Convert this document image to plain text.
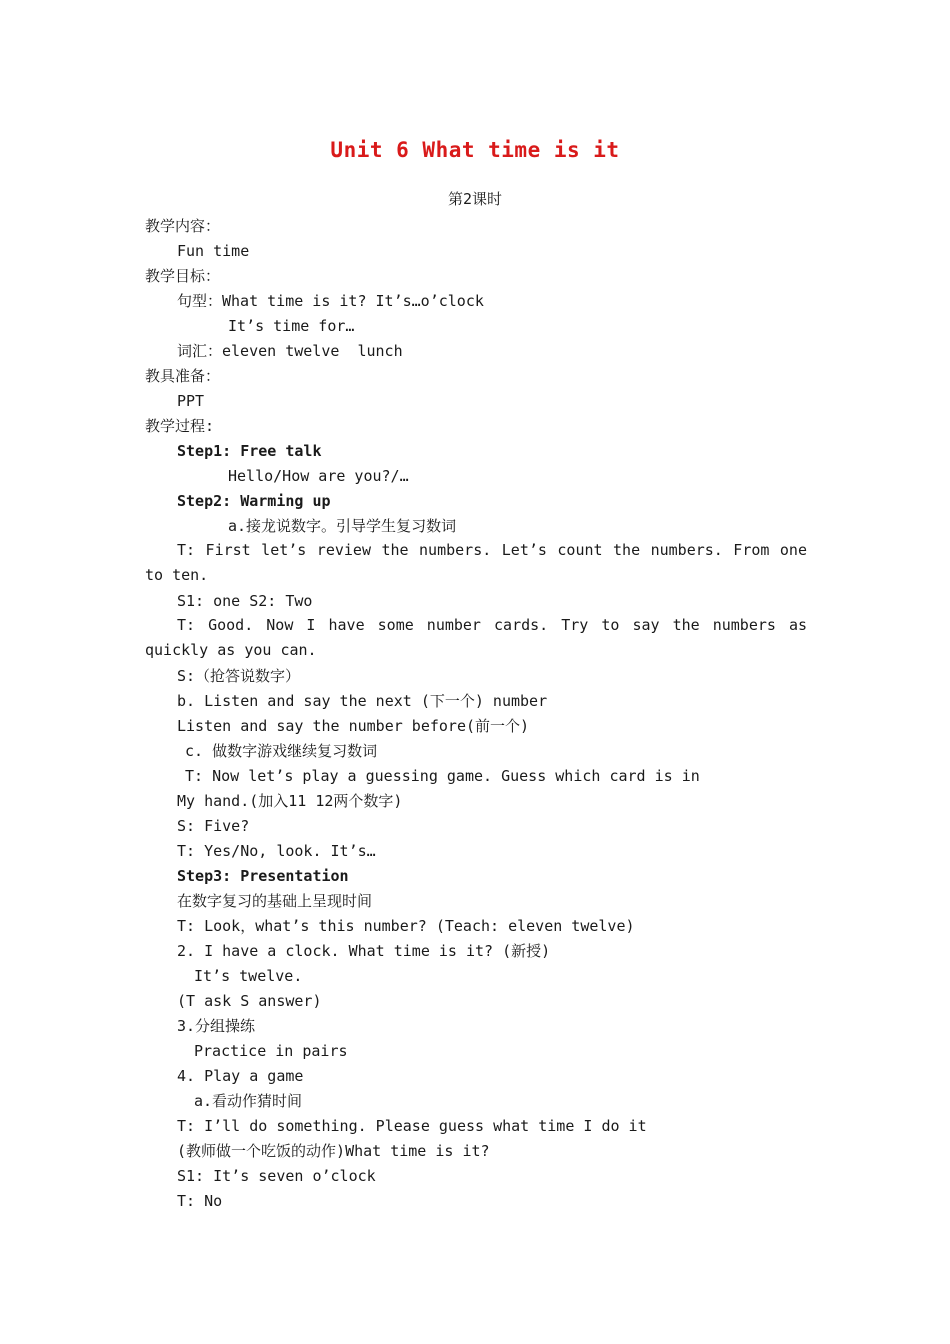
Unit 6 What time is it
第2课时
教学内容：
Fun time
教学目标：
句型：What time is it? It’s…o’clock
It’s time for…
词汇：eleven twelve  lunch
教具准备：
PPT
教学过程:
Step1: Free talk
Hello/How are you?/…
Step2: Warming up
a.接龙说数字。引导学生复习数词
T: First let’s review the numbers. Let’s count the numbers. From one to ten.
S1: one S2: Two
T: Good. Now I have some number cards. Try to say the numbers as quickly as you can.
S:（抢答说数字）
b. Listen and say the next (下一个) number
Listen and say the number before(前一个)
c. 做数字游戏继续复习数词
T: Now let’s play a guessing game. Guess which card is in
My hand.(加入11 12两个数字)
S: Five?
T: Yes/No, look. It’s…
Step3: Presentation
在数字复习的基础上呈现时间
T: Look，what’s this number? (Teach: eleven twelve)
2. I have a clock. What time is it? (新授)
It’s twelve.
(T ask S answer)
3.分组操练
Practice in pairs
4. Play a game
a.看动作猜时间
T: I’ll do something. Please guess what time I do it
(教师做一个吃饭的动作)What time is it?
S1: It’s seven o’clock
T: No
